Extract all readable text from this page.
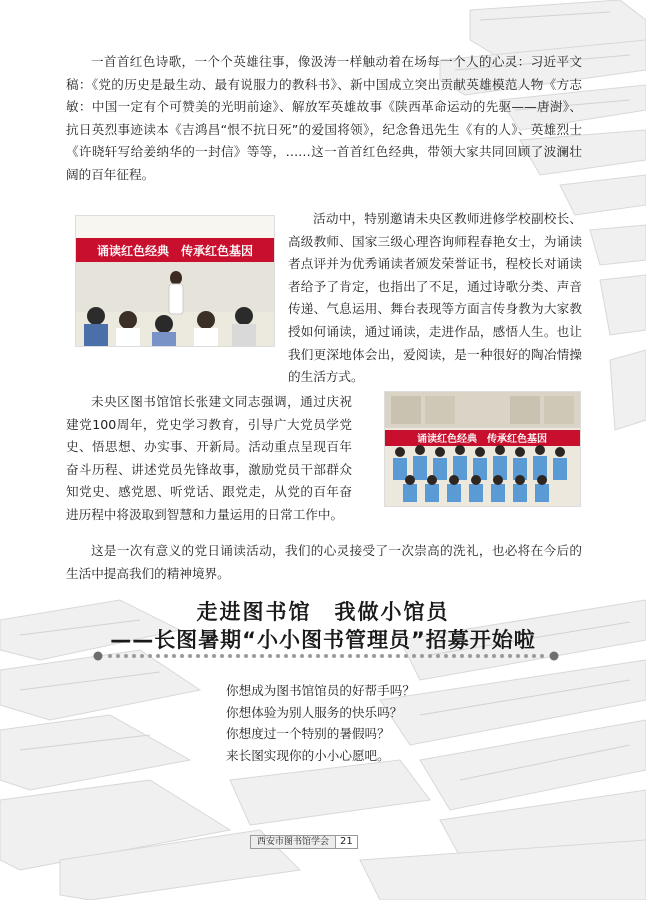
一首首红色诗歌，一个个英雄往事，像汲涛一样触动着在场每一个人的心灵：习近平文稿：《党的历史是最生动、最有说服力的教科书》、新中国成立突出贡献英雄模范人物《方志敏：中国一定有个可赞美的光明前途》、解放军英雄故事《陕西革命运动的先驱——唐澍》、抗日英烈事迹读本《吉鸿昌“恨不抗日死”的爱国将领》，纪念鲁迅先生《有的人》、英雄烈士《许晓轩写给姜纳华的一封信》等等，……这一首首红色经典，带领大家共同回顾了波澜壮阔的百年征程。

诵读红色经典　传承红色基因

活动中，特别邀请未央区教师进修学校副校长、高级教师、国家三级心理咨询师程春艳女士，为诵读者点评并为优秀诵读者颁发荣誉证书，程校长对诵读者给予了肯定，也指出了不足，通过诗歌分类、声音传递、气息运用、舞台表现等方面言传身教为大家教授如何诵读，通过诵读，走进作品，感悟人生。也让我们更深地体会出，爱阅读，是一种很好的陶冶情操的生活方式。

未央区图书馆馆长张建文同志强调，通过庆祝建党100周年，党史学习教育，引导广大党员学党史、悟思想、办实事、开新局。活动重点呈现百年奋斗历程、讲述党员先锋故事，激励党员干部群众知党史、感党恩、听党话、跟党走，从党的百年奋进历程中将汲取到智慧和力量运用的日常工作中。

诵读红色经典　传承红色基因

这是一次有意义的党日诵读活动，我们的心灵接受了一次崇高的洗礼，也必将在今后的生活中提高我们的精神境界。

走进图书馆　我做小馆员
——长图暑期“小小图书管理员”招募开始啦
你想成为图书馆馆员的好帮手吗？
你想体验为别人服务的快乐吗？
你想度过一个特别的暑假吗？
来长图实现你的小小心愿吧。
西安市图书馆学会	21
